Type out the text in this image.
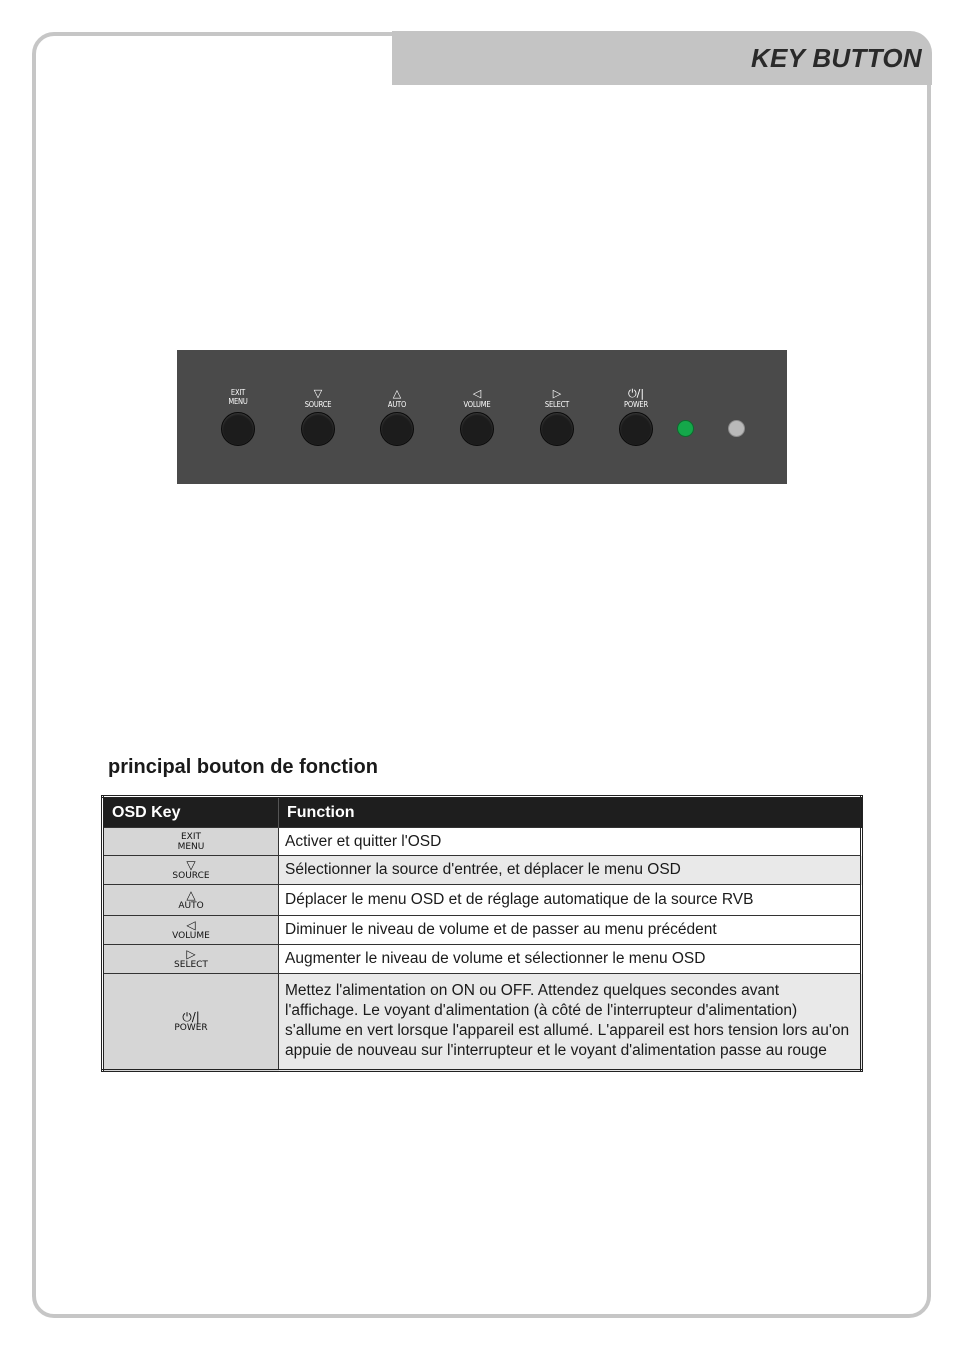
KEY BUTTON
EXIT
MENU
▽
SOURCE
△
AUTO
◁
VOLUME
▷
SELECT
⏻/|
POWER
principal bouton de fonction
OSD Key	Function

EXIT
MENU	Activer et quitter l'OSD

▽
SOURCE	Sélectionner la source d'entrée, et déplacer le menu OSD

△
AUTO	Déplacer le menu OSD et de réglage automatique de la source RVB

◁
VOLUME	Diminuer le niveau de volume et de passer au menu précédent

▷
SELECT	Augmenter le niveau de volume et sélectionner le menu OSD

⏻/|
POWER	Mettez l'alimentation on ON ou OFF. Attendez quelques secondes avant l'affichage. Le voyant d'alimentation (à côté de l'interrupteur d'alimentation) s'allume en vert lorsque l'appareil est allumé. L'appareil est hors tension lors au'on appuie de nouveau sur l'interrupteur et le voyant d'alimentation passe au rouge
